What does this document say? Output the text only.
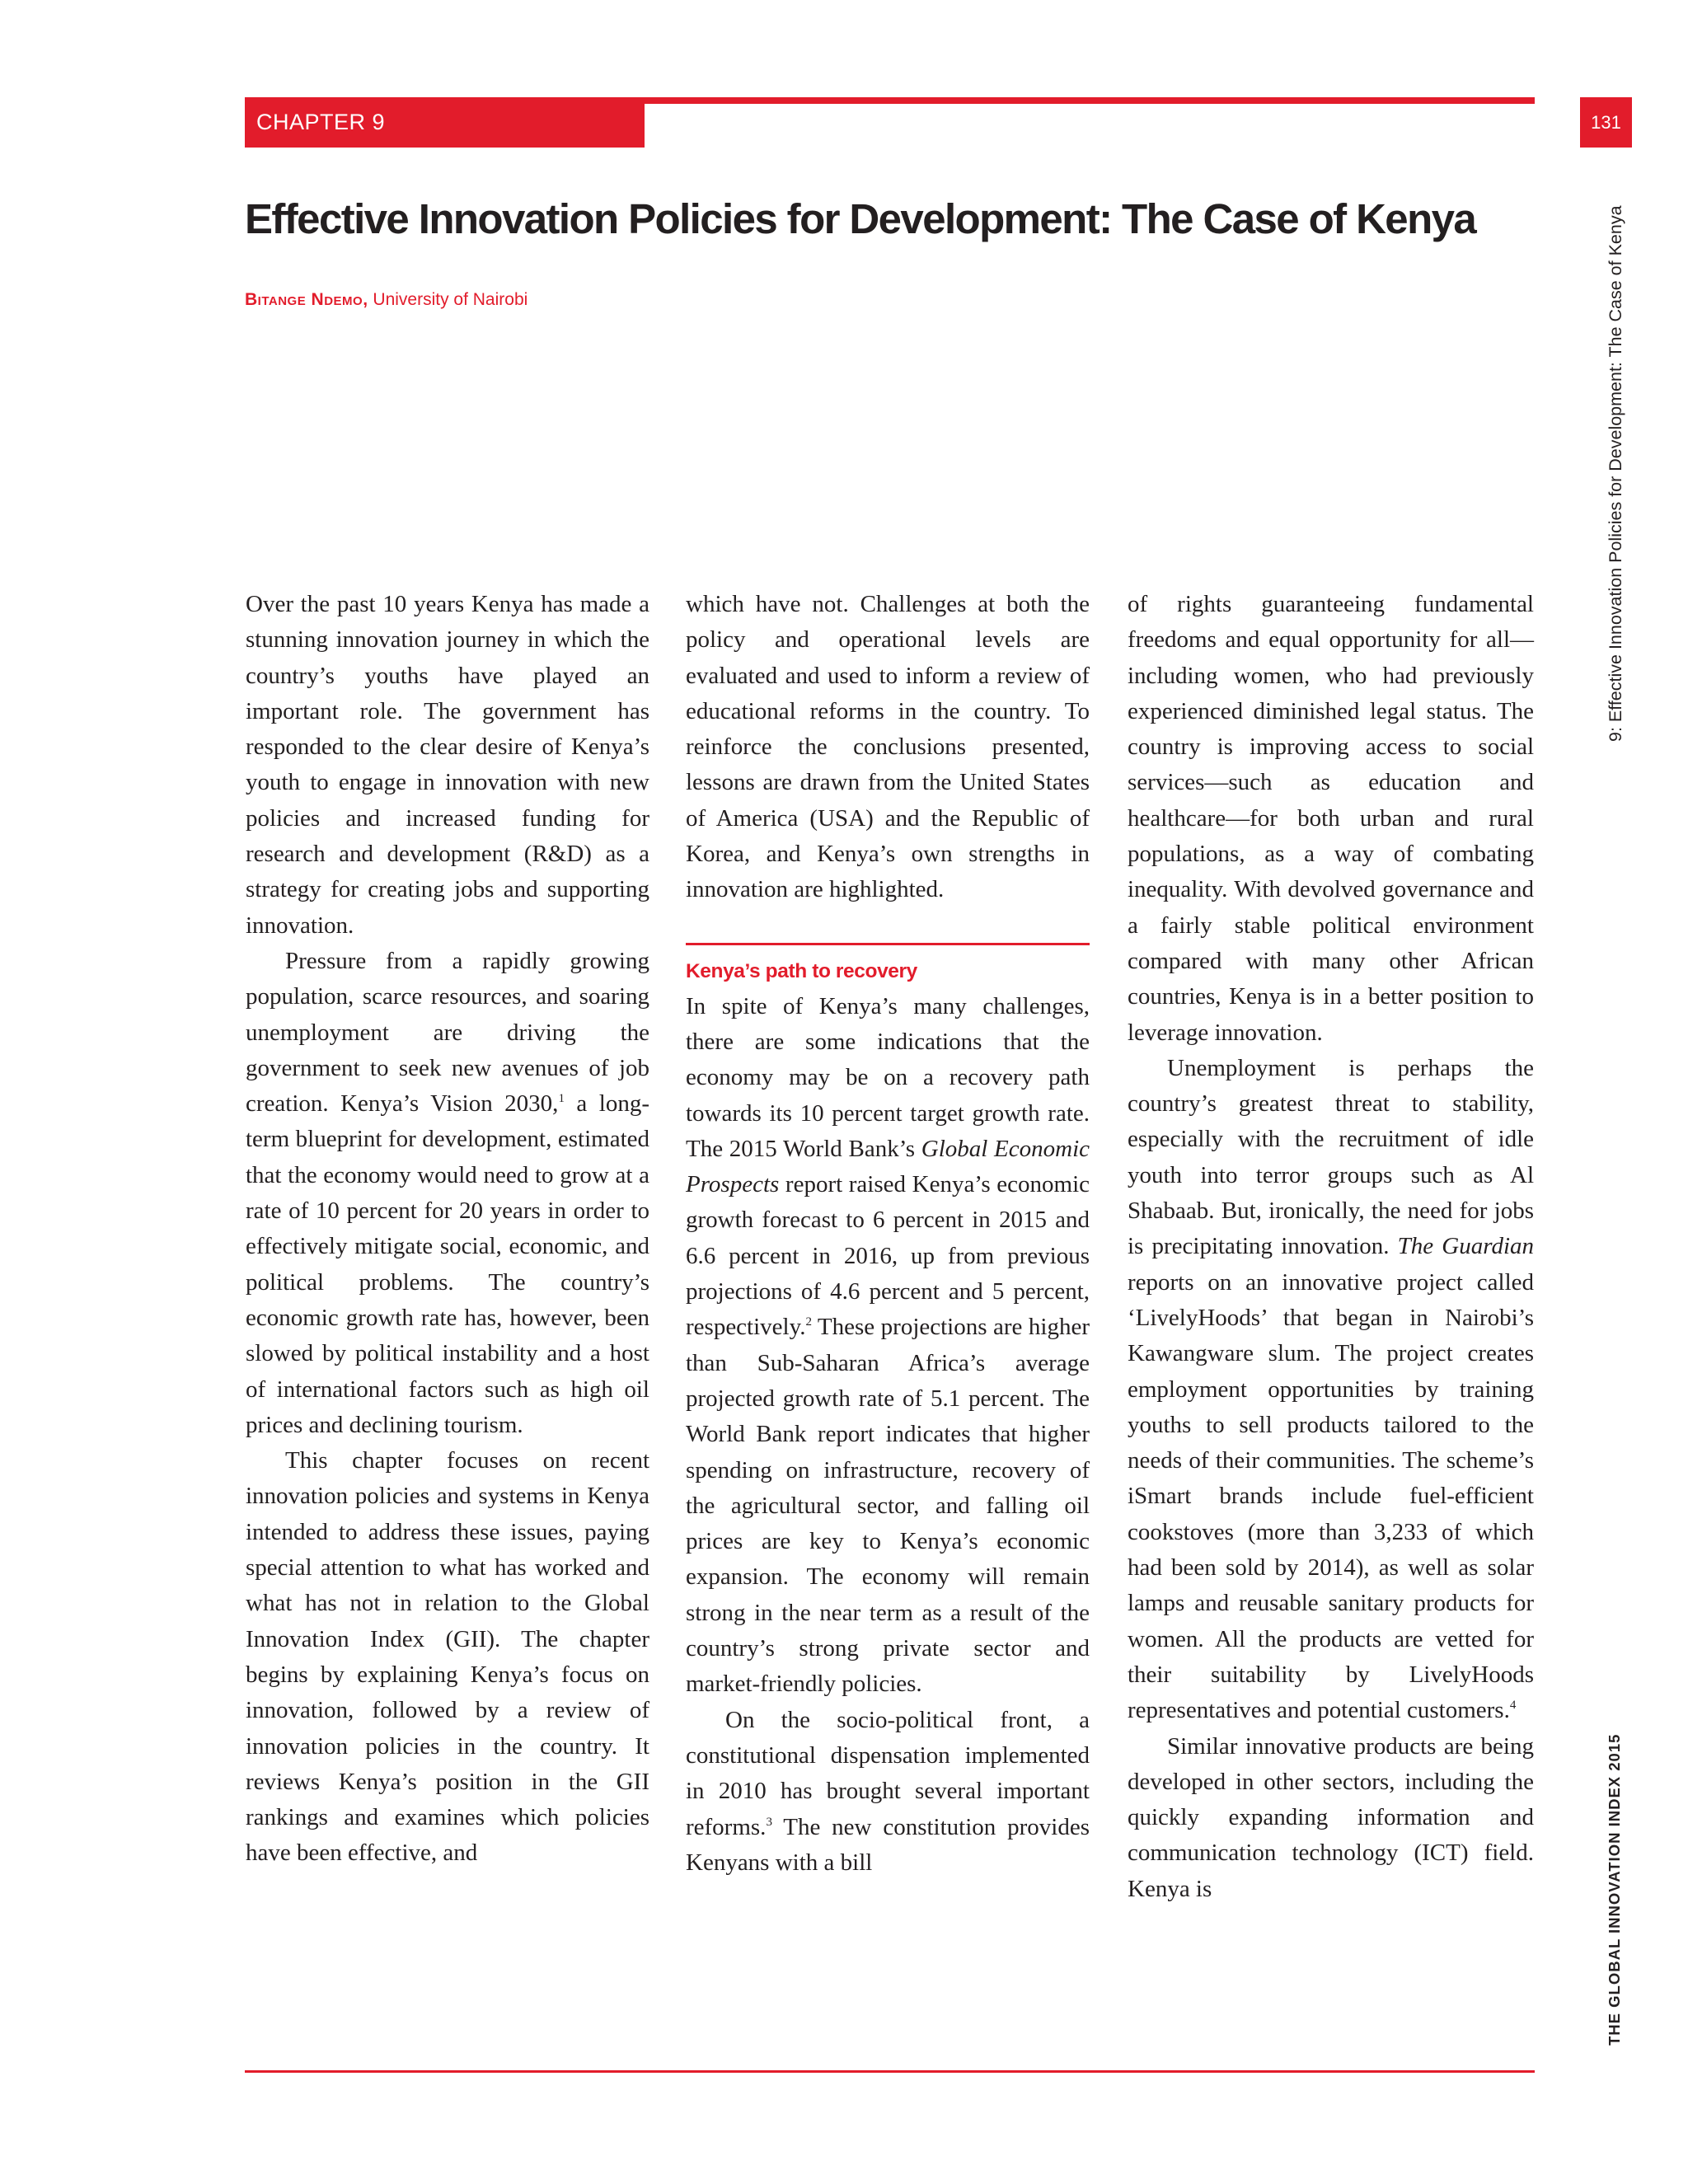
CHAPTER 9	131
Effective Innovation Policies for Development: The Case of Kenya
Bitange Ndemo, University of Nairobi	9: Effective Innovation Policies for Development: The Case of Kenya
THE GLOBAL INNOVATION INDEX 2015

Over the past 10 years Kenya has made a stunning innovation journey in which the country’s youths have played an important role. The government has responded to the clear desire of Kenya’s youth to engage in innovation with new policies and increased funding for research and development (R&D) as a strategy for creating jobs and supporting innovation.

Pressure from a rapidly growing population, scarce resources, and soaring unemployment are driving the government to seek new avenues of job creation. Kenya’s Vision 2030,$^1$ a long-term blueprint for development, estimated that the economy would need to grow at a rate of 10 percent for 20 years in order to effectively mitigate social, economic, and political problems. The country’s economic growth rate has, however, been slowed by political instability and a host of international factors such as high oil prices and declining tourism.

This chapter focuses on recent innovation policies and systems in Kenya intended to address these issues, paying special attention to what has worked and what has not in relation to the Global Innovation Index (GII). The chapter begins by explaining Kenya’s focus on innovation, followed by a review of innovation policies in the country. It reviews Kenya’s position in the GII rankings and examines which policies have been effective, and

which have not. Challenges at both the policy and operational levels are evaluated and used to inform a review of educational reforms in the country. To reinforce the conclusions presented, lessons are drawn from the United States of America (USA) and the Republic of Korea, and Kenya’s own strengths in innovation are highlighted.

Kenya’s path to recovery

In spite of Kenya’s many challenges, there are some indications that the economy may be on a recovery path towards its 10 percent target growth rate. The 2015 World Bank’s Global Economic Prospects report raised Kenya’s economic growth forecast to 6 percent in 2015 and 6.6 percent in 2016, up from previous projections of 4.6 percent and 5 percent, respectively.$^2$ These projections are higher than Sub-Saharan Africa’s average projected growth rate of 5.1 percent. The World Bank report indicates that higher spending on infrastructure, recovery of the agricultural sector, and falling oil prices are key to Kenya’s economic expansion. The economy will remain strong in the near term as a result of the country’s strong private sector and market-friendly policies.

On the socio-political front, a constitutional dispensation implemented in 2010 has brought several important reforms.$^3$ The new constitution provides Kenyans with a bill

of rights guaranteeing fundamental freedoms and equal opportunity for all—including women, who had previously experienced diminished legal status. The country is improving access to social services—such as education and healthcare—for both urban and rural populations, as a way of combating inequality. With devolved governance and a fairly stable political environment compared with many other African countries, Kenya is in a better position to leverage innovation.

Unemployment is perhaps the country’s greatest threat to stability, especially with the recruitment of idle youth into terror groups such as Al Shabaab. But, ironically, the need for jobs is precipitating innovation. The Guardian reports on an innovative project called ‘LivelyHoods’ that began in Nairobi’s Kawangware slum. The project creates employment opportunities by training youths to sell products tailored to the needs of their communities. The scheme’s iSmart brands include fuel-efficient cookstoves (more than 3,233 of which had been sold by 2014), as well as solar lamps and reusable sanitary products for women. All the products are vetted for their suitability by LivelyHoods representatives and potential customers.$^4$

Similar innovative products are being developed in other sectors, including the quickly expanding information and communication technology (ICT) field. Kenya is
